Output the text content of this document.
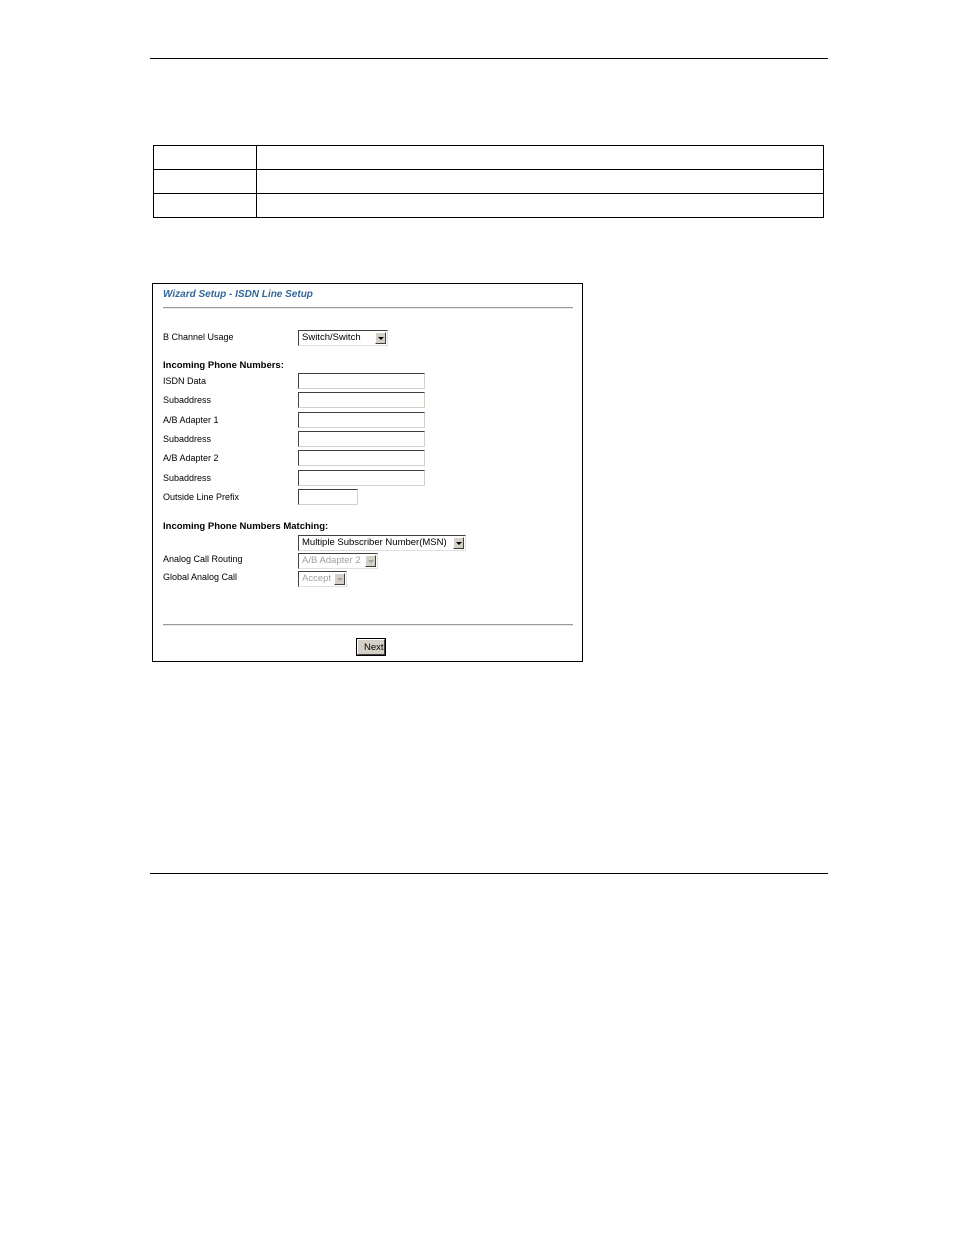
Wizard Setup - ISDN Line Setup
B Channel Usage	Switch/Switch
Incoming Phone Numbers:
ISDN Data
Subaddress
A/B Adapter 1
Subaddress
A/B Adapter 2
Subaddress
Outside Line Prefix
Incoming Phone Numbers Matching:
Multiple Subscriber Number(MSN)
Analog Call Routing	A/B Adapter 2
Global Analog Call	Accept
Next
